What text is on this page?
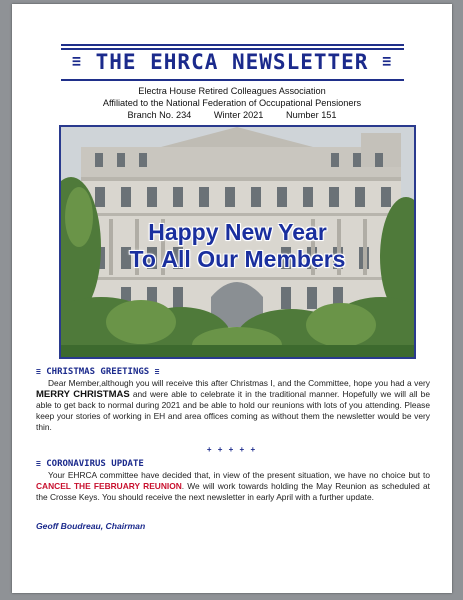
≡ THE EHRCA NEWSLETTER ≡
Electra House Retired Colleagues Association
Affiliated to the National Federation of Occupational Pensioners
Branch No. 234 Winter 2021 Number 151
Happy New Year
To All Our Members
≡ CHRISTMAS GREETINGS ≡
Dear Member,although you will receive this after Christmas I, and the Committee, hope you had a very MERRY CHRISTMAS and were able to celebrate it in the traditional manner. Hopefully we will all be able to get back to normal during 2021 and be able to hold our reunions with lots of you attending. Please keep your stories of working in EH and area offices coming as without them the newsletter would be very thin.
+ + + + +
≡ CORONAVIRUS UPDATE
Your EHRCA committee have decided that, in view of the present situation, we have no choice but to CANCEL THE FEBRUARY REUNION. We will work towards holding the May Reunion as scheduled at the Crosse Keys. You should receive the next newsletter in early April with a further update.
Geoff Boudreau, Chairman
